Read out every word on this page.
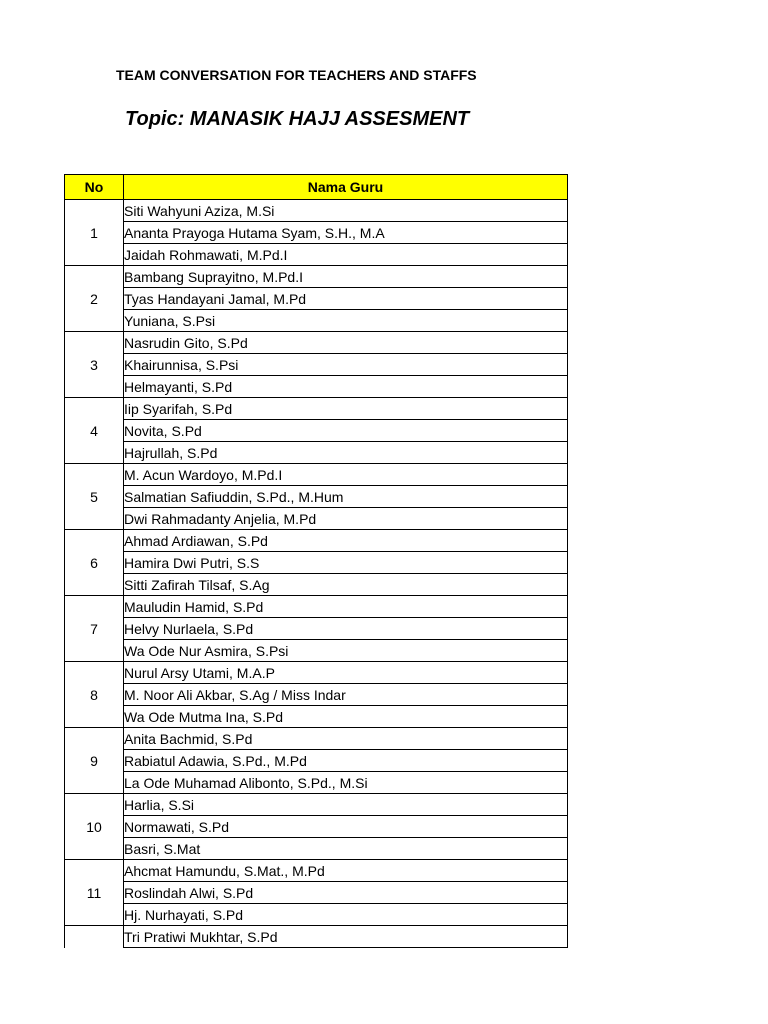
TEAM CONVERSATION FOR TEACHERS AND STAFFS
Topic: MANASIK HAJJ ASSESMENT
No	Nama Guru
1	Siti Wahyuni Aziza, M.Si
	Ananta Prayoga Hutama Syam, S.H., M.A
	Jaidah Rohmawati, M.Pd.I
2	Bambang Suprayitno, M.Pd.I
	Tyas Handayani Jamal, M.Pd
	Yuniana, S.Psi
3	Nasrudin Gito, S.Pd
	Khairunnisa, S.Psi
	Helmayanti, S.Pd
4	Iip Syarifah, S.Pd
	Novita, S.Pd
	Hajrullah, S.Pd
5	M. Acun Wardoyo, M.Pd.I
	Salmatian Safiuddin, S.Pd., M.Hum
	Dwi Rahmadanty Anjelia, M.Pd
6	Ahmad Ardiawan, S.Pd
	Hamira Dwi Putri, S.S
	Sitti Zafirah Tilsaf, S.Ag
7	Mauludin Hamid, S.Pd
	Helvy Nurlaela, S.Pd
	Wa Ode Nur Asmira, S.Psi
8	Nurul Arsy Utami, M.A.P
	M. Noor Ali Akbar, S.Ag / Miss Indar
	Wa Ode Mutma Ina, S.Pd
9	Anita Bachmid, S.Pd
	Rabiatul Adawia, S.Pd., M.Pd
	La Ode Muhamad Alibonto, S.Pd., M.Si
10	Harlia, S.Si
	Normawati, S.Pd
	Basri, S.Mat
11	Ahcmat Hamundu, S.Mat., M.Pd
	Roslindah Alwi, S.Pd
	Hj. Nurhayati, S.Pd
	Tri Pratiwi Mukhtar, S.Pd
